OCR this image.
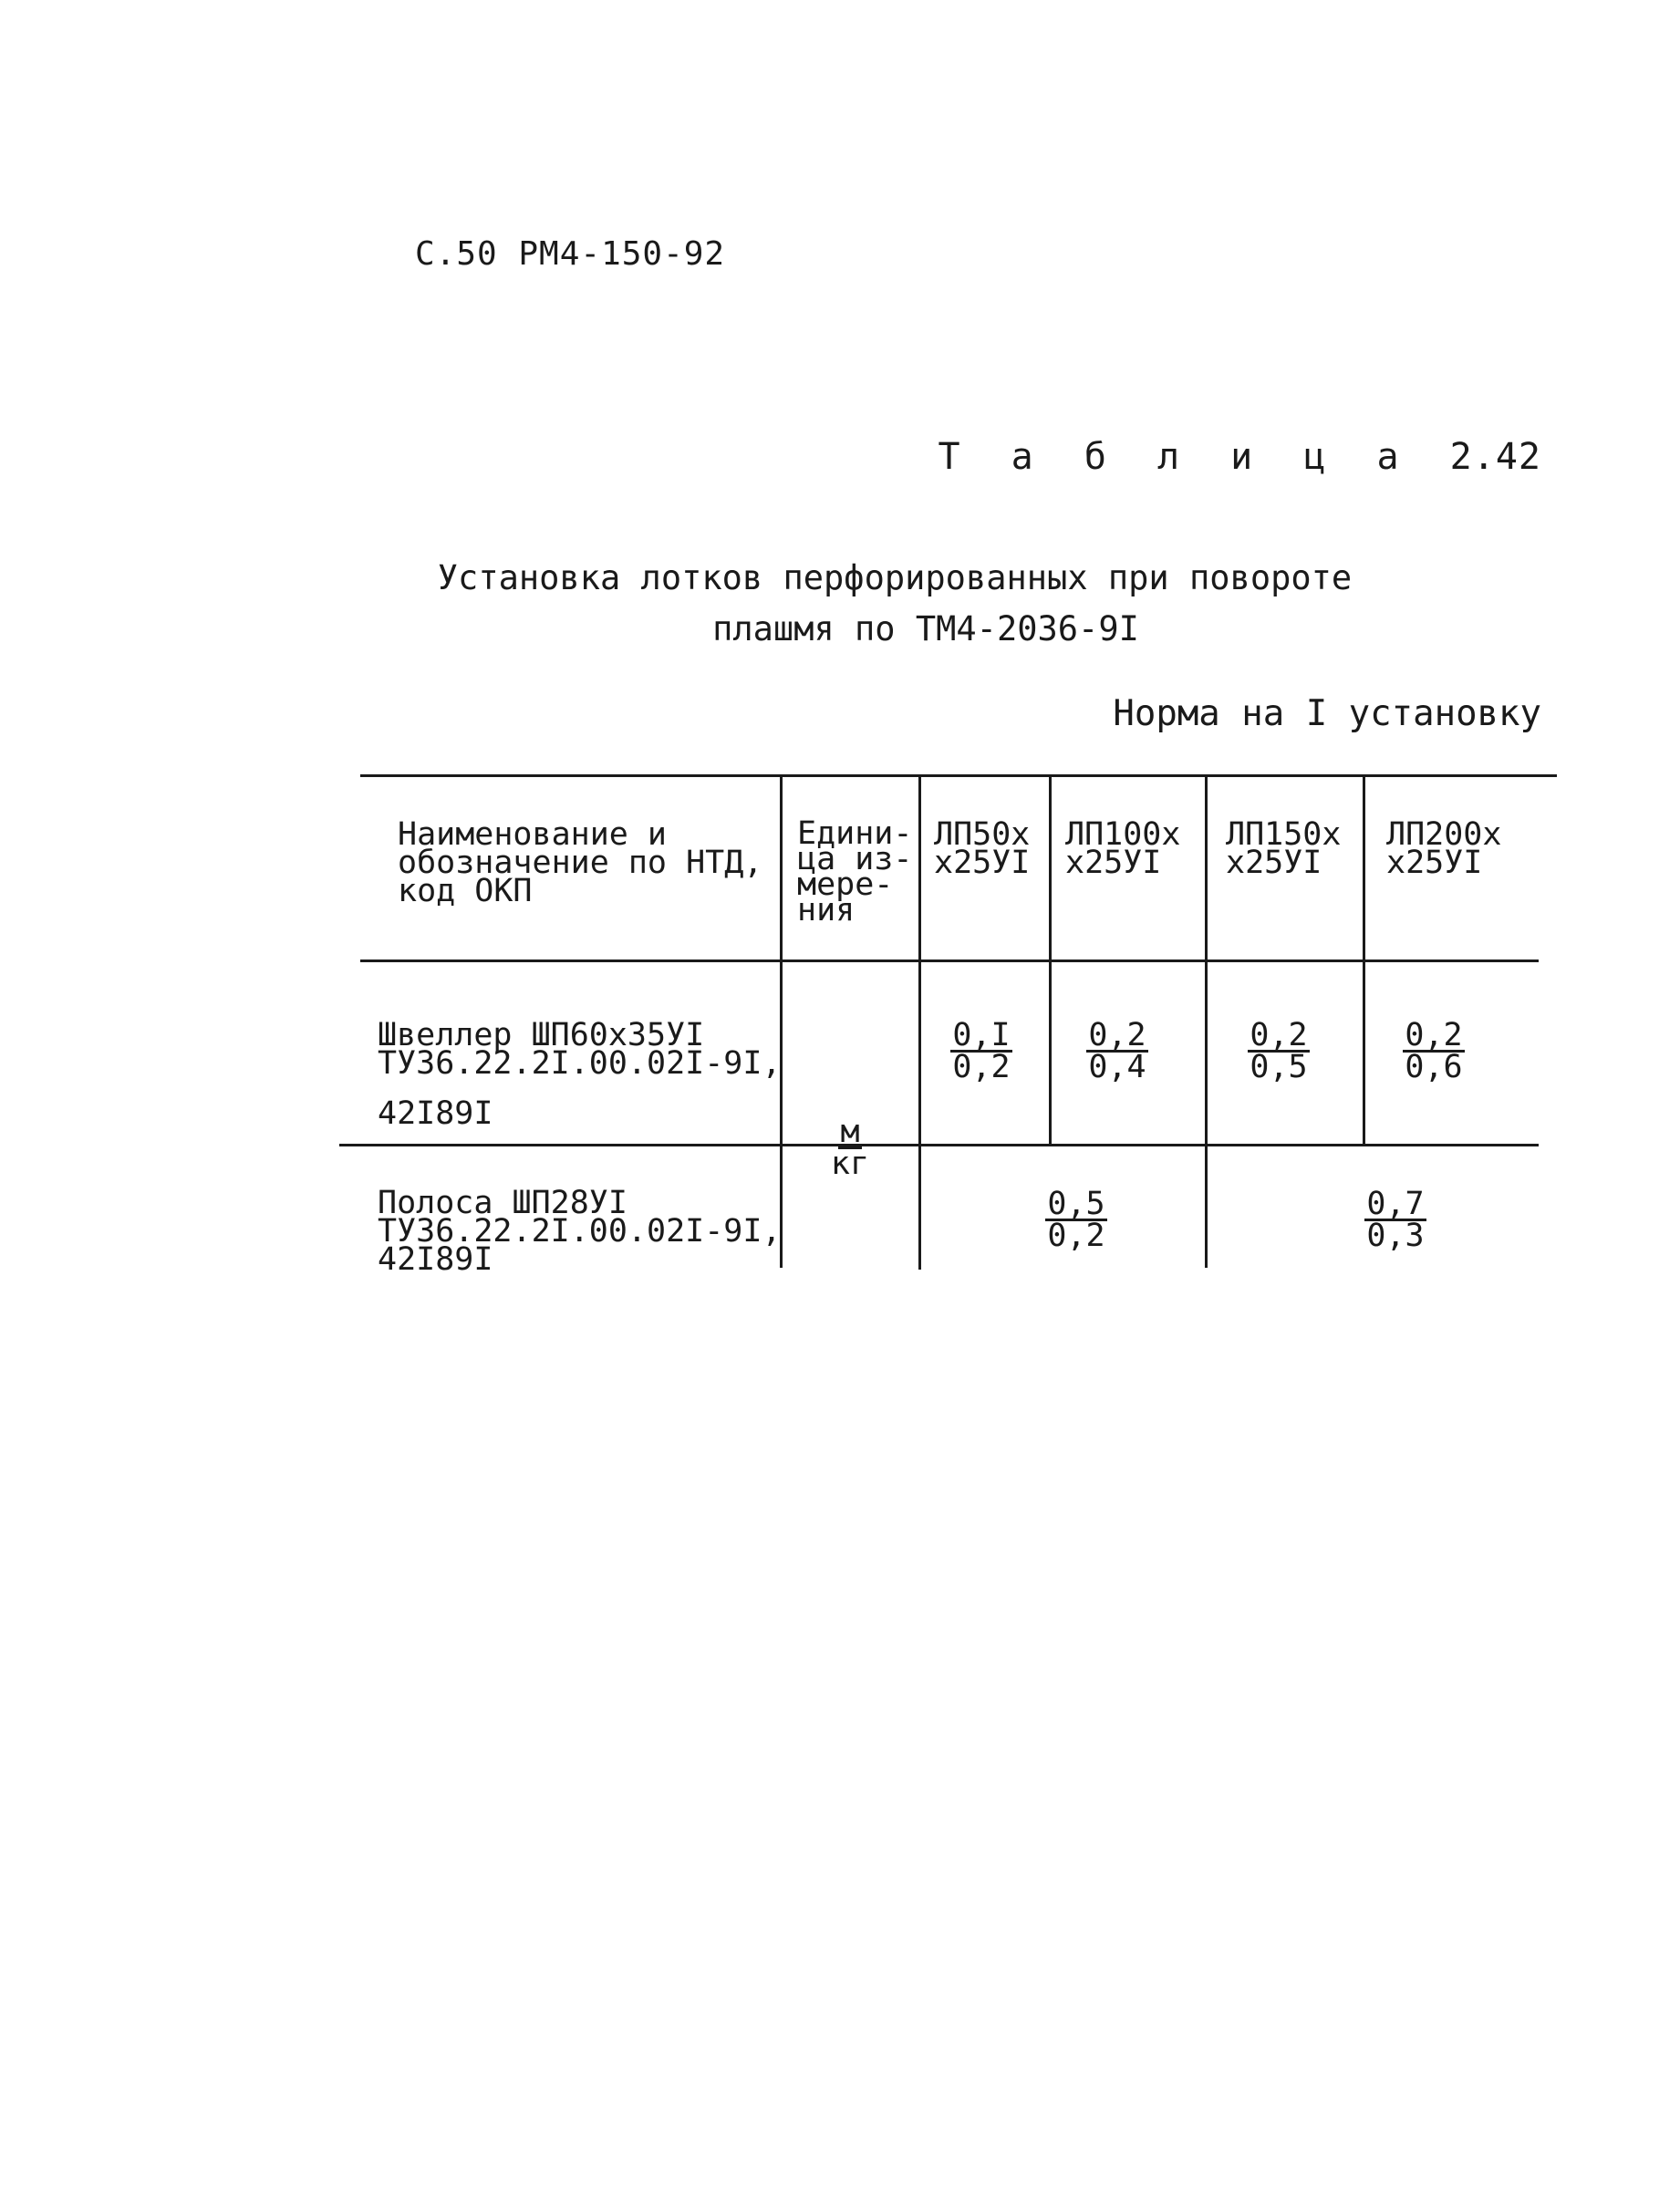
С.50 РМ4-150-92
Т а б л и ц а 2.42
Установка лотков перфорированных при повороте
плашмя по ТМ4-2036-9I
Норма на I установку
Наименование и
обозначение по НТД,
код ОКП
Едини-
ца из-
мере-
ния
ЛП50х
х25УI
ЛП100х
х25УI
ЛП150х
х25УI
ЛП200х
х25УI
Швеллер ШП60х35УI
ТУ36.22.2I.00.02I-9I,
42I89I
$\frac{0,I}{0,2} \frac{0,2}{0,4} \frac{0,2}{0,5} \frac{0,2}{0,6}$
м
кг
Полоса ШП28УI
ТУ36.22.2I.00.02I-9I,
42I89I
$\frac{0,5}{0,2}$	$\frac{0,7}{0,3}$
